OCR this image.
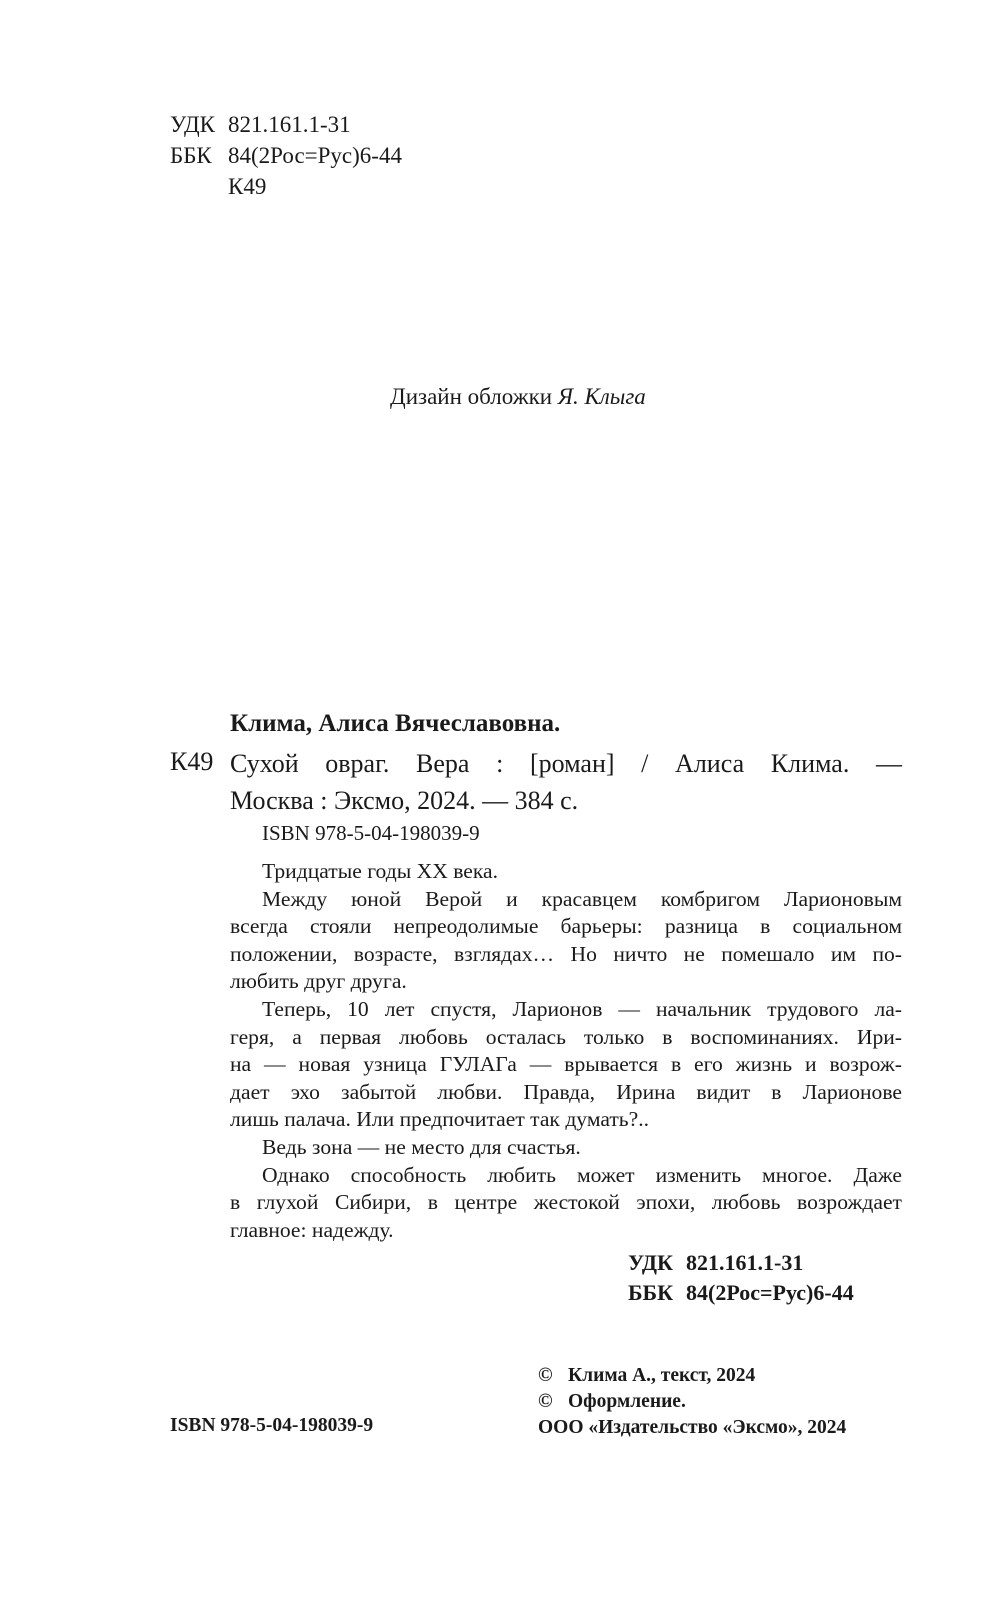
УДК 821.161.1-31
ББК 84(2Рос=Рус)6-44
К49
Дизайн обложки Я. Клыга
Клима, Алиса Вячеславовна.
К49 Сухой овраг. Вера : [роман] / Алиса Клима. —
Москва : Эксмо, 2024. — 384 с.
ISBN 978-5-04-198039-9
Тридцатые годы XX века.
Между юной Верой и красавцем комбригом Ларионовым
всегда стояли непреодолимые барьеры: разница в социальном
положении, возрасте, взглядах… Но ничто не помешало им по-
любить друг друга.
Теперь, 10 лет спустя, Ларионов — начальник трудового ла-
геря, а первая любовь осталась только в воспоминаниях. Ири-
на — новая узница ГУЛАГа — врывается в его жизнь и возрож-
дает эхо забытой любви. Правда, Ирина видит в Ларионове
лишь палача. Или предпочитает так думать?..
Ведь зона — не место для счастья.
Однако способность любить может изменить многое. Даже
в глухой Сибири, в центре жестокой эпохи, любовь возрождает
главное: надежду.
УДК 821.161.1-31
ББК 84(2Рос=Рус)6-44
© Клима А., текст, 2024
© Оформление.
ООО «Издательство «Эксмо», 2024
ISBN 978-5-04-198039-9
